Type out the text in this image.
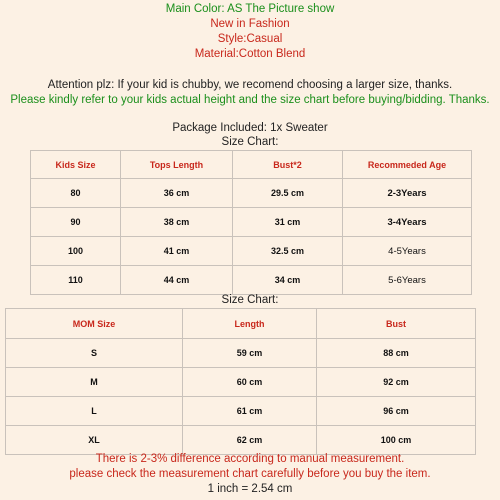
Main Color: AS The Picture show
New in Fashion
Style:Casual
Material:Cotton Blend
Attention plz: If your kid is chubby, we recomend choosing a larger size, thanks.
Please kindly refer to your kids actual height and the size chart before buying/bidding. Thanks.
Package Included: 1x Sweater
Size Chart:
Kids Size	Tops Length	Bust*2	Recommeded Age
80	36 cm	29.5 cm	2-3Years
90	38 cm	31 cm	3-4Years
100	41 cm	32.5 cm	4-5Years
110	44 cm	34 cm	5-6Years
Size Chart:
MOM Size	Length	Bust
S	59 cm	88 cm
M	60 cm	92 cm
L	61 cm	96 cm
XL	62 cm	100 cm
There is 2-3% difference according to manual measurement.
please check the measurement chart carefully before you buy the item.
1 inch = 2.54 cm
